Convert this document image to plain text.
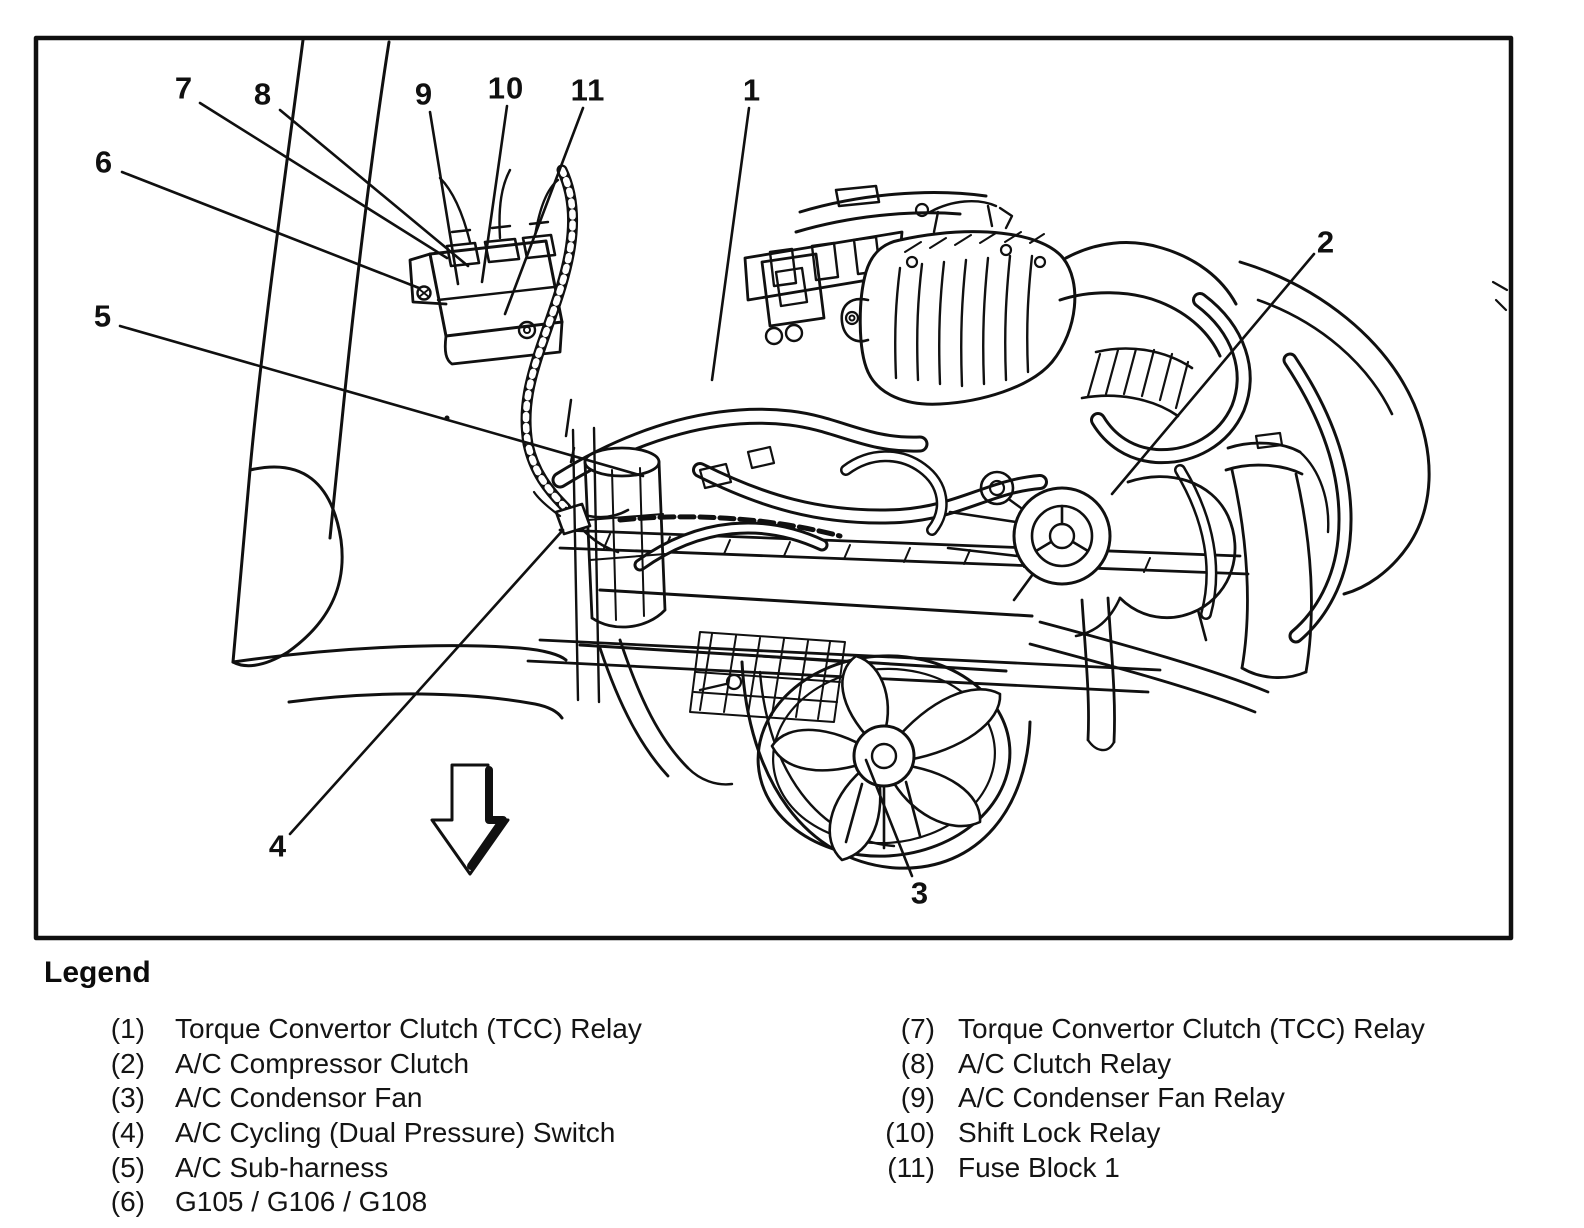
7 8	9 10 11	1
6
5
2
4
3
Legend
(1) Torque Convertor Clutch (TCC) Relay
(2) A/C Compressor Clutch
(3) A/C Condensor Fan
(4) A/C Cycling (Dual Pressure) Switch
(5) A/C Sub-harness
(6) G105 / G106 / G108
(7) Torque Convertor Clutch (TCC) Relay
(8) A/C Clutch Relay
(9) A/C Condenser Fan Relay
(10) Shift Lock Relay
(11) Fuse Block 1
